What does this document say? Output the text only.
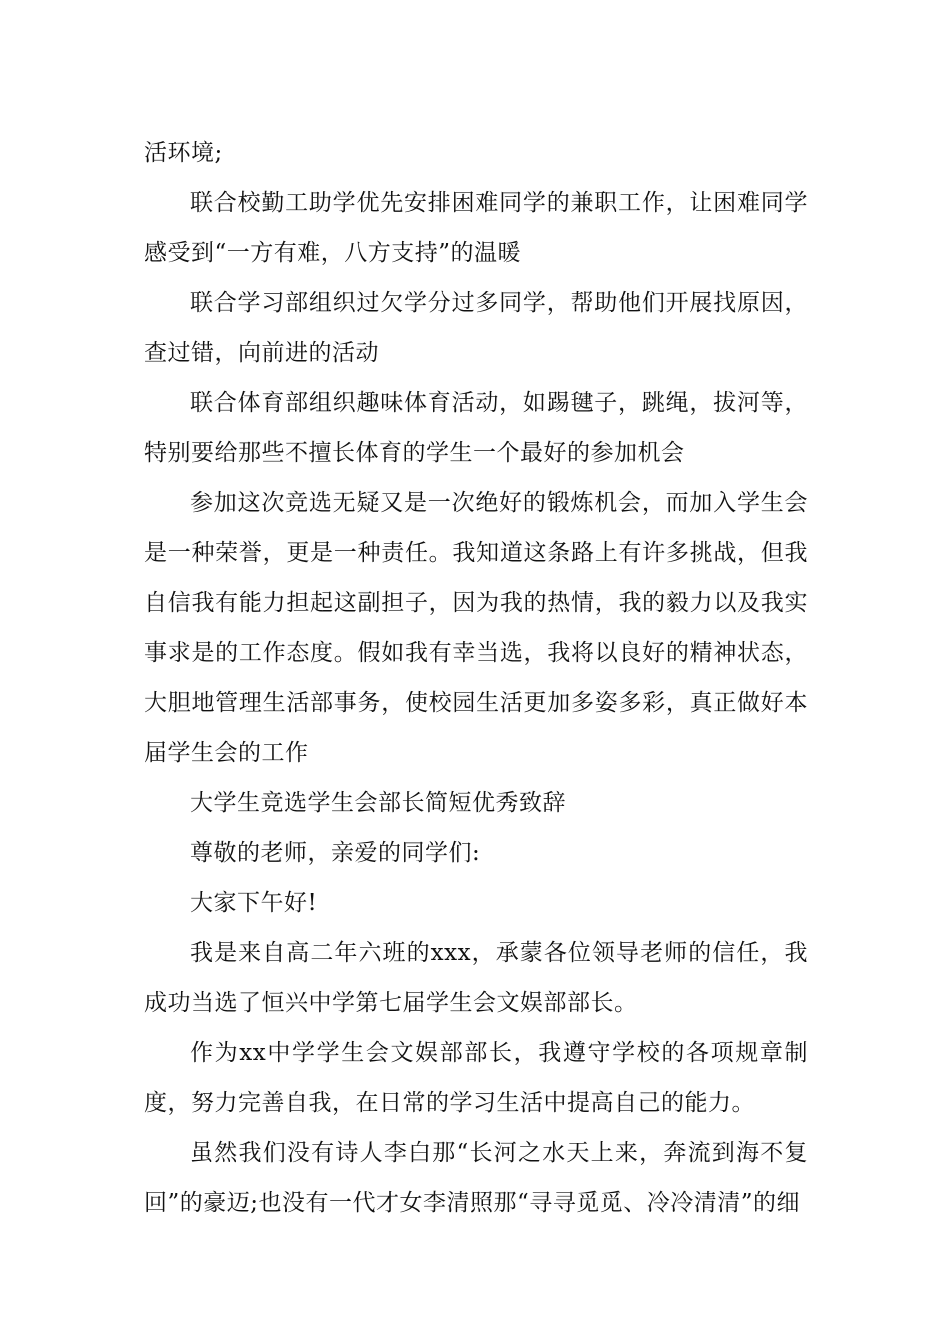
活环境;

联合校勤工助学优先安排困难同学的兼职工作，让困难同学感受到“一方有难，八方支持”的温暖

联合学习部组织过欠学分过多同学，帮助他们开展找原因，查过错，向前进的活动

联合体育部组织趣味体育活动，如踢毽子，跳绳，拔河等，特别要给那些不擅长体育的学生一个最好的参加机会

参加这次竞选无疑又是一次绝好的锻炼机会，而加入学生会是一种荣誉，更是一种责任。我知道这条路上有许多挑战，但我自信我有能力担起这副担子，因为我的热情，我的毅力以及我实事求是的工作态度。假如我有幸当选，我将以良好的精神状态，大胆地管理生活部事务，使校园生活更加多姿多彩，真正做好本届学生会的工作

大学生竞选学生会部长简短优秀致辞

尊敬的老师，亲爱的同学们:

大家下午好!

我是来自高二年六班的xxx，承蒙各位领导老师的信任，我成功当选了恒兴中学第七届学生会文娱部部长。

作为xx中学学生会文娱部部长，我遵守学校的各项规章制度，努力完善自我，在日常的学习生活中提高自己的能力。

虽然我们没有诗人李白那“长河之水天上来，奔流到海不复回”的豪迈;也没有一代才女李清照那“寻寻觅觅、冷冷清清”的细
